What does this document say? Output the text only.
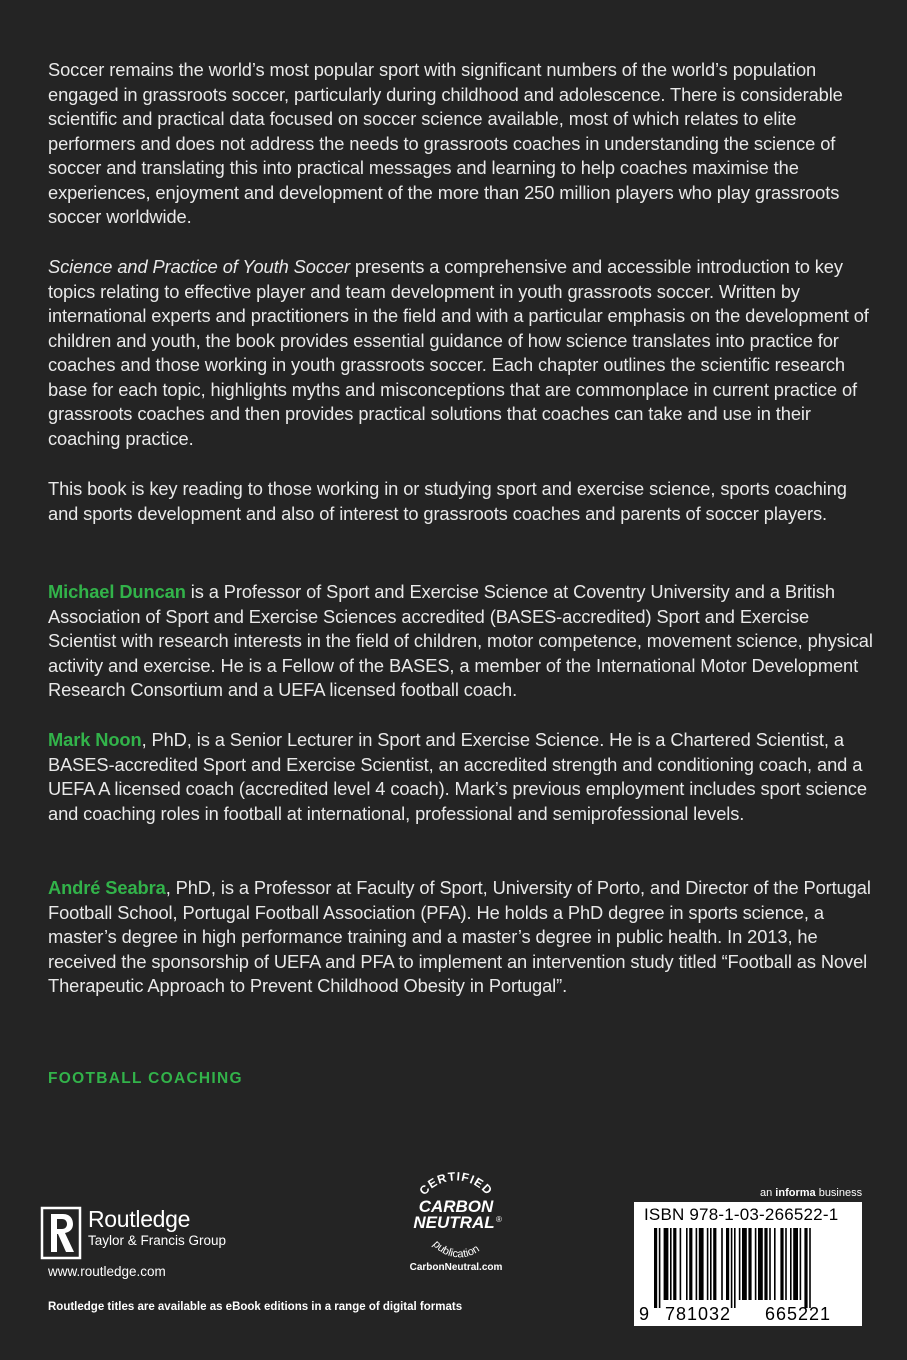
Soccer remains the world’s most popular sport with significant numbers of the world’s population engaged in grassroots soccer, particularly during childhood and adolescence. There is considerable scientific and practical data focused on soccer science available, most of which relates to elite performers and does not address the needs to grassroots coaches in understanding the science of soccer and translating this into practical messages and learning to help coaches maximise the experiences, enjoyment and development of the more than 250 million players who play grassroots soccer worldwide.

Science and Practice of Youth Soccer presents a comprehensive and accessible introduction to key topics relating to effective player and team development in youth grassroots soccer. Written by international experts and practitioners in the field and with a particular emphasis on the development of children and youth, the book provides essential guidance of how science translates into practice for coaches and those working in youth grassroots soccer. Each chapter outlines the scientific research base for each topic, highlights myths and misconceptions that are commonplace in current practice of grassroots coaches and then provides practical solutions that coaches can take and use in their coaching practice.

This book is key reading to those working in or studying sport and exercise science, sports coaching and sports development and also of interest to grassroots coaches and parents of soccer players.

Michael Duncan is a Professor of Sport and Exercise Science at Coventry University and a British Association of Sport and Exercise Sciences accredited (BASES-accredited) Sport and Exercise Scientist with research interests in the field of children, motor competence, movement science, physical activity and exercise. He is a Fellow of the BASES, a member of the International Motor Development Research Consortium and a UEFA licensed football coach.

Mark Noon, PhD, is a Senior Lecturer in Sport and Exercise Science. He is a Chartered Scientist, a BASES-accredited Sport and Exercise Scientist, an accredited strength and conditioning coach, and a UEFA A licensed coach (accredited level 4 coach). Mark’s previous employment includes sport science and coaching roles in football at international, professional and semiprofessional levels.

André Seabra, PhD, is a Professor at Faculty of Sport, University of Porto, and Director of the Portugal Football School, Portugal Football Association (PFA). He holds a PhD degree in sports science, a master’s degree in high performance training and a master’s degree in public health. In 2013, he received the sponsorship of UEFA and PFA to implement an intervention study titled “Football as Novel Therapeutic Approach to Prevent Childhood Obesity in Portugal”.

FOOTBALL COACHING
Routledge
Taylor & Francis Group
www.routledge.com
CERTIFIED
CARBON
NEUTRAL ®
publication
CarbonNeutral.com
an informa business
9 781032 665221
ISBN 978-1-03-266522-1
Routledge titles are available as eBook editions in a range of digital formats
